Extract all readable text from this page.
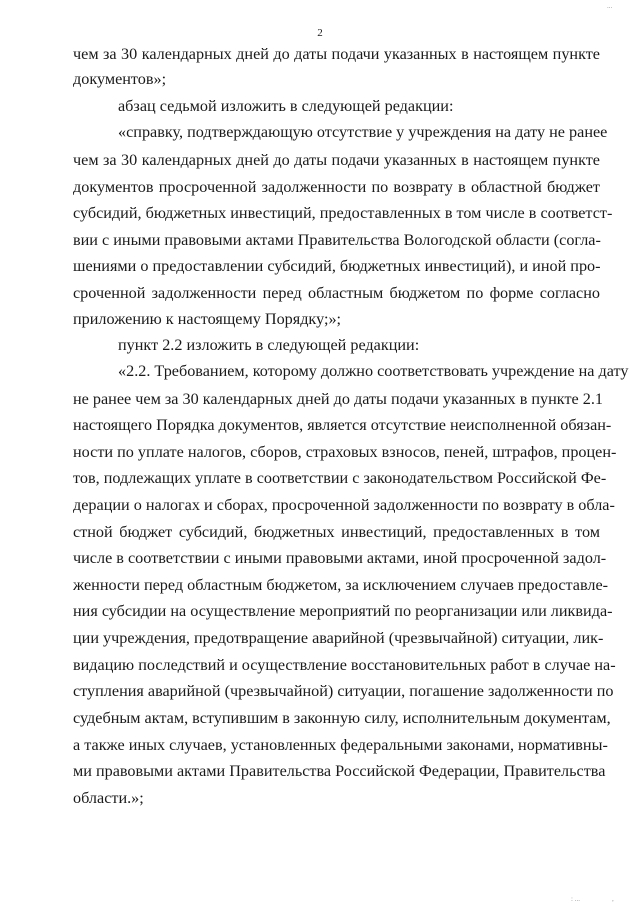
...
2
чем за 30 календарных дней до даты подачи указанных в настоящем пункте
документов»;
абзац седьмой изложить в следующей редакции:
«справку, подтверждающую отсутствие у учреждения на дату не ранее
чем за 30 календарных дней до даты подачи указанных в настоящем пункте
документов просроченной задолженности по возврату в областной бюджет
субсидий, бюджетных инвестиций, предоставленных в том числе в соответст-
вии с иными правовыми актами Правительства Вологодской области (согла-
шениями о предоставлении субсидий, бюджетных инвестиций), и иной про-
сроченной задолженности перед областным бюджетом по форме согласно
приложению к настоящему Порядку;»;
пункт 2.2 изложить в следующей редакции:
«2.2. Требованием, которому должно соответствовать учреждение на дату
не ранее чем за 30 календарных дней до даты подачи указанных в пункте 2.1
настоящего Порядка документов, является отсутствие неисполненной обязан-
ности по уплате налогов, сборов, страховых взносов, пеней, штрафов, процен-
тов, подлежащих уплате в соответствии с законодательством Российской Фе-
дерации о налогах и сборах, просроченной задолженности по возврату в обла-
стной бюджет субсидий, бюджетных инвестиций, предоставленных в том
числе в соответствии с иными правовыми актами, иной просроченной задол-
женности перед областным бюджетом, за исключением случаев предоставле-
ния субсидии на осуществление мероприятий по реорганизации или ликвида-
ции учреждения, предотвращение аварийной (чрезвычайной) ситуации, лик-
видацию последствий и осуществление восстановительных работ в случае на-
ступления аварийной (чрезвычайной) ситуации, погашение задолженности по
судебным актам, вступившим в законную силу, исполнительным документам,
а также иных случаев, установленных федеральными законами, нормативны-
ми правовыми актами Правительства Российской Федерации, Правительства
области.»;
: ...	,
